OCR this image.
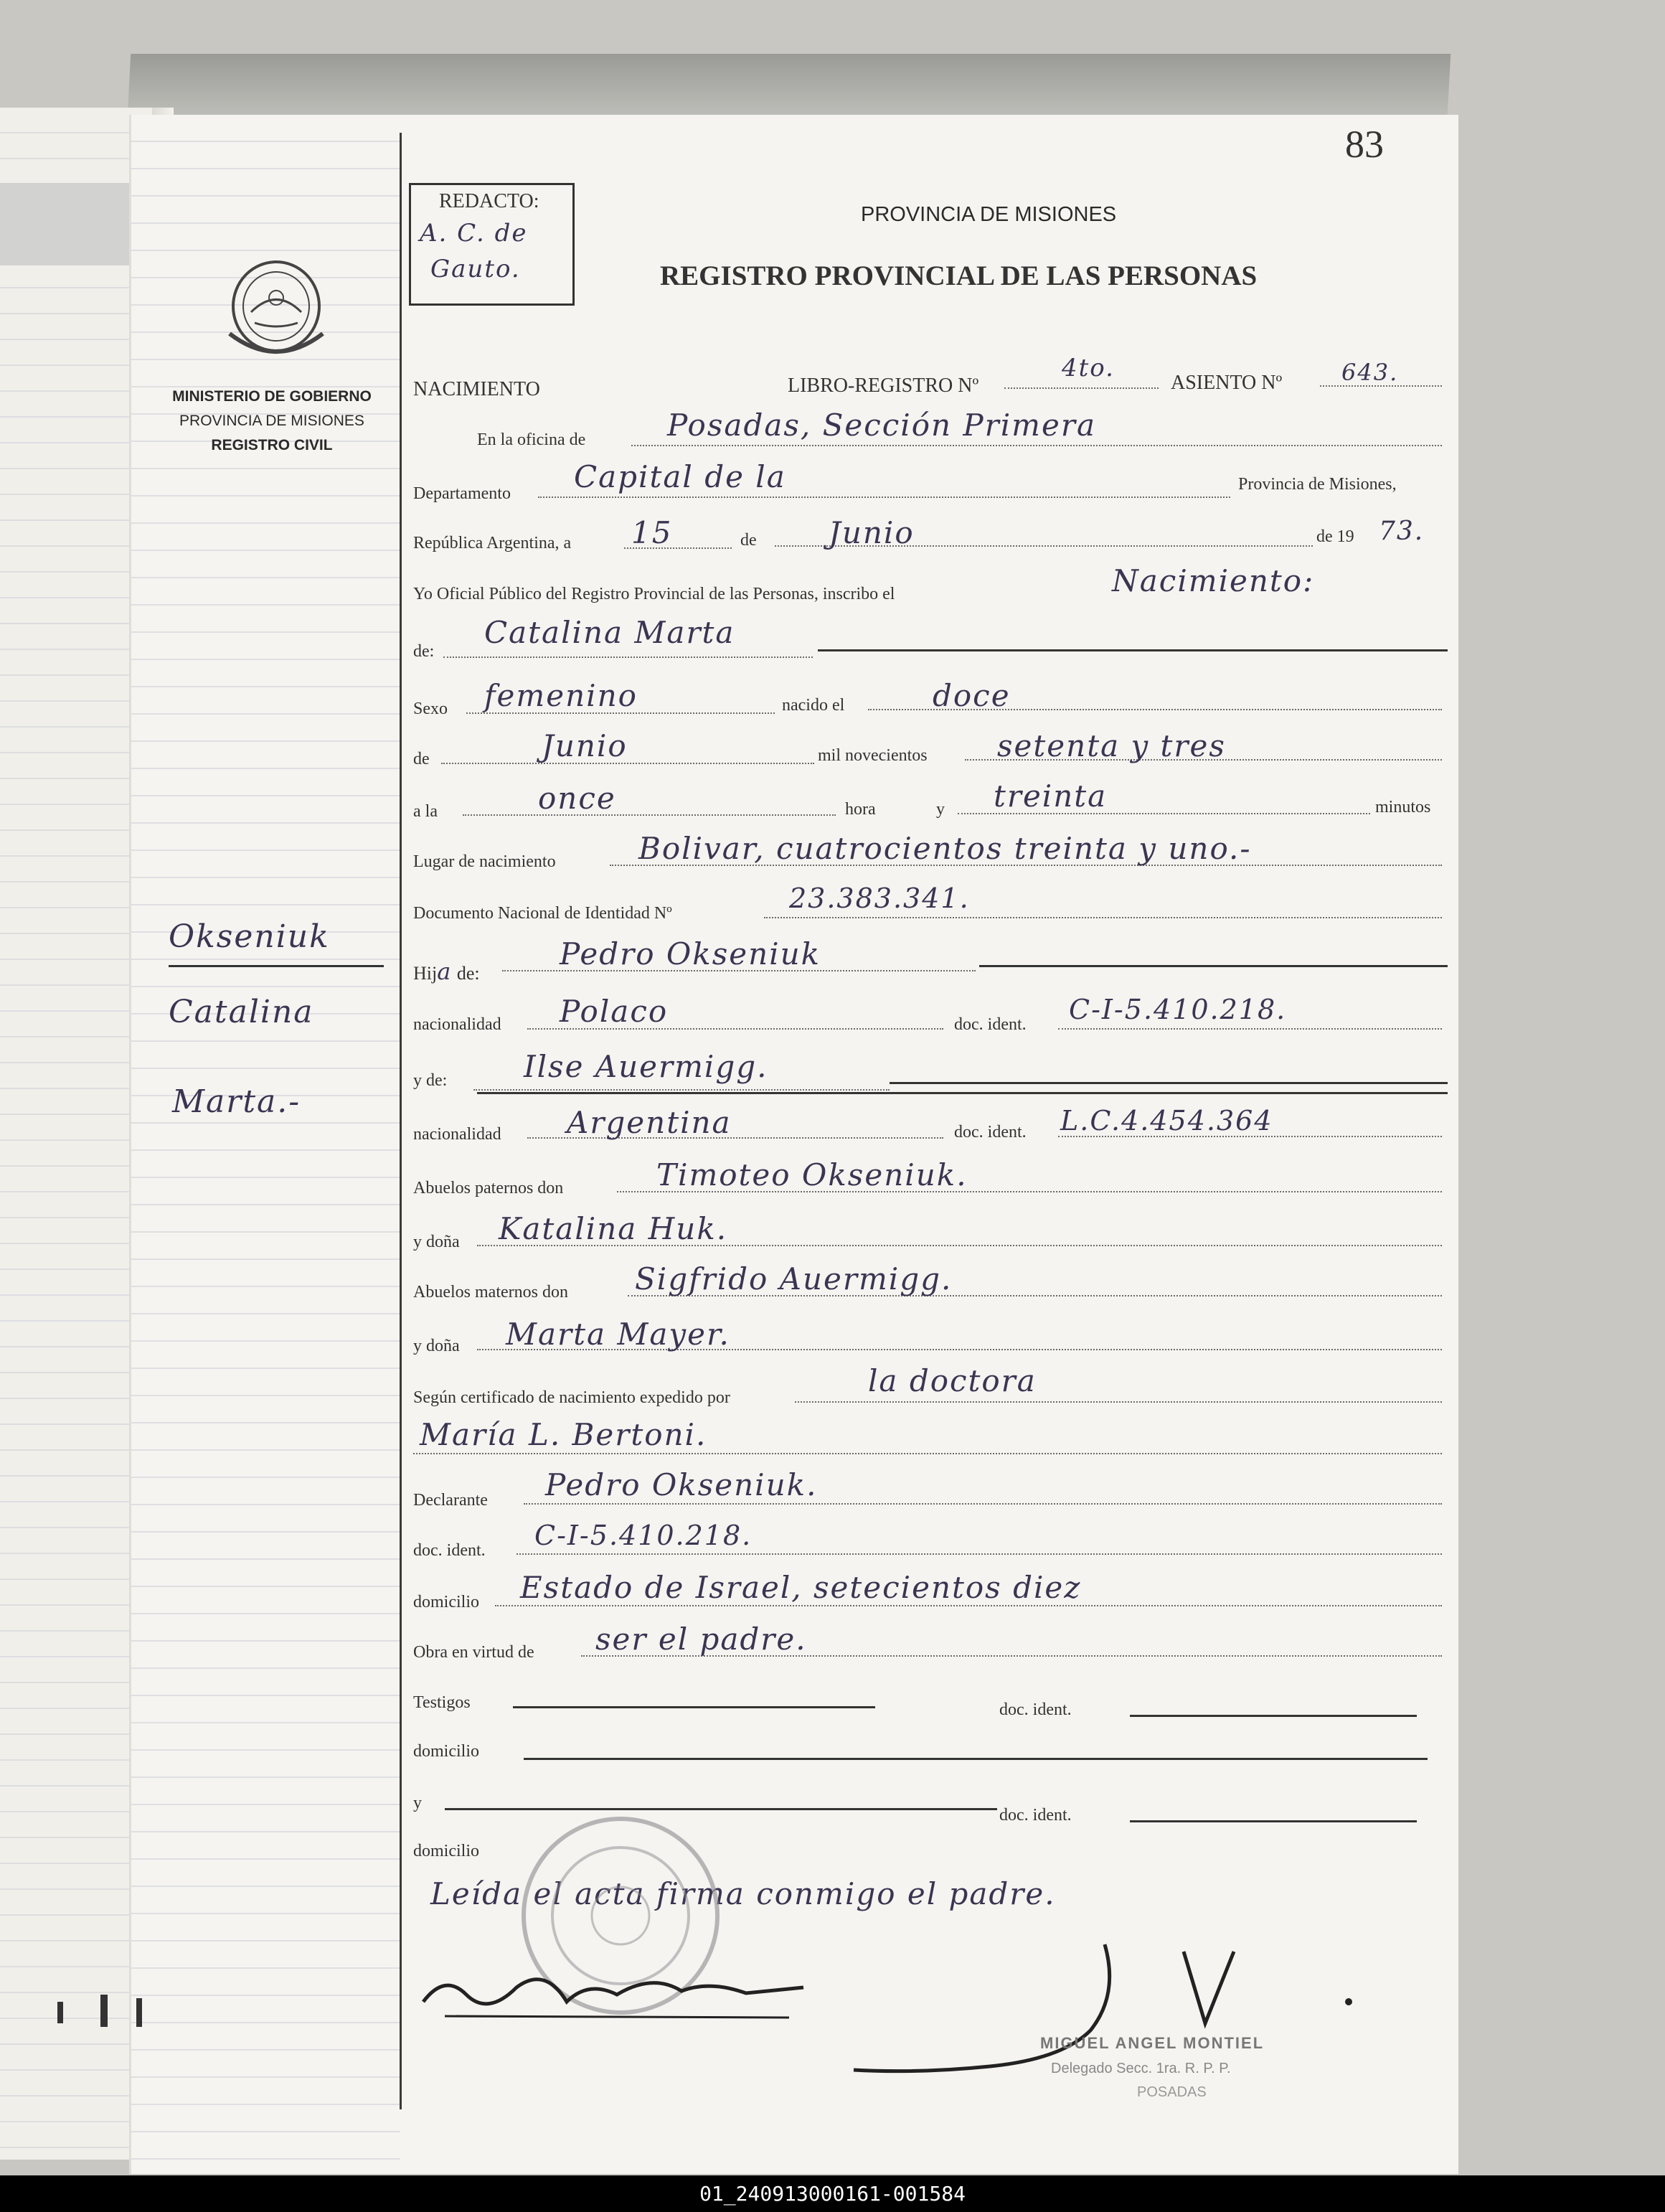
83
REDACTO:
A. C. de
Gauto.
MINISTERIO DE GOBIERNO
PROVINCIA DE MISIONES
REGISTRO CIVIL
PROVINCIA DE MISIONES
REGISTRO PROVINCIAL DE LAS PERSONAS
NACIMIENTO	LIBRO-REGISTRO Nº
4to.
ASIENTO Nº	643.
En la oficina de	Posadas, Sección Primera
Departamento Capital de la	Provincia de Misiones,
República Argentina, a 15	de Junio	de 19 73.
Yo Oficial Público del Registro Provincial de las Personas, inscribo el	Nacimiento:
de:
Catalina Marta
Sexo femenino	nacido el	doce
de	Junio	mil novecientos setenta y tres
a la	once	hora	y treinta	minutos
Lugar de nacimiento	Bolivar, cuatrocientos treinta y uno.-
Documento Nacional de Identidad Nº	23.383.341.
Hija de:
Pedro Okseniuk
nacionalidad Polaco	doc. ident. C-I-5.410.218.
y de:	Ilse Auermigg.
nacionalidad Argentina	doc. ident. L.C.4.454.364
Abuelos paternos don	Timoteo Okseniuk.
y doña Katalina Huk.
Abuelos maternos don Sigfrido Auermigg.
y doña Marta Mayer.
Según certificado de nacimiento expedido por	la doctora
María L. Bertoni.
Declarante Pedro Okseniuk.
doc. ident. C-I-5.410.218.
domicilio Estado de Israel, setecientos diez
Obra en virtud de ser el padre.
Testigos	doc. ident.
domicilio
y
doc. ident.
domicilio
Leída el acta firma conmigo el padre.
MIGUEL ANGEL MONTIEL
Delegado Secc. 1ra. R. P. P.
POSADAS
Okseniuk
Catalina
Marta.-
01_240913000161-001584
